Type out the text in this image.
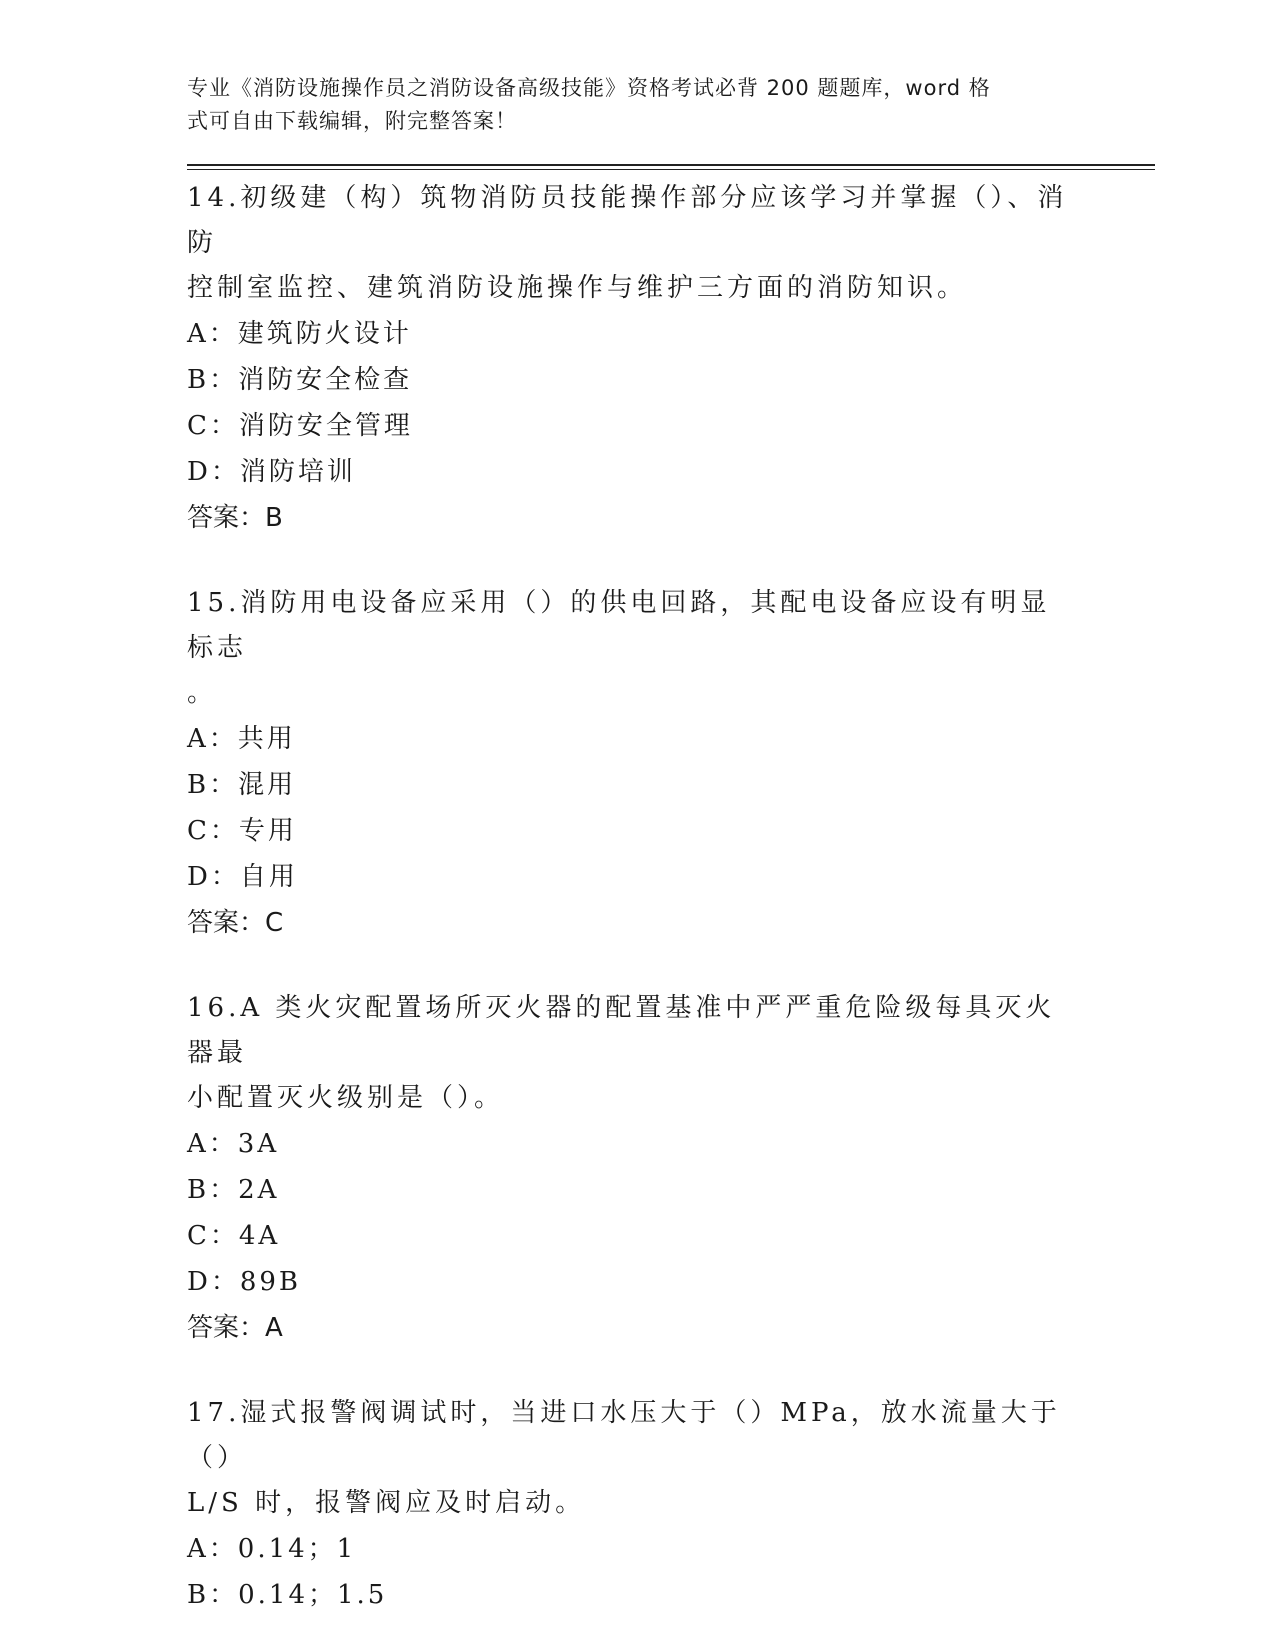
专业《消防设施操作员之消防设备高级技能》资格考试必背 200 题题库，word 格

式可自由下载编辑，附完整答案！

14.初级建（构）筑物消防员技能操作部分应该学习并掌握（）、消防

控制室监控、建筑消防设施操作与维护三方面的消防知识。

A：建筑防火设计

B：消防安全检查

C：消防安全管理

D：消防培训

答案：B

15.消防用电设备应采用（）的供电回路，其配电设备应设有明显标志

。

A：共用

B：混用

C：专用

D：自用

答案：C

16.A 类火灾配置场所灭火器的配置基准中严严重危险级每具灭火器最

小配置灭火级别是（）。

A：3A

B：2A

C：4A

D：89B

答案：A

17.湿式报警阀调试时，当进口水压大于（）MPa，放水流量大于（）

L/S 时，报警阀应及时启动。

A：0.14；1

B：0.14；1.5
